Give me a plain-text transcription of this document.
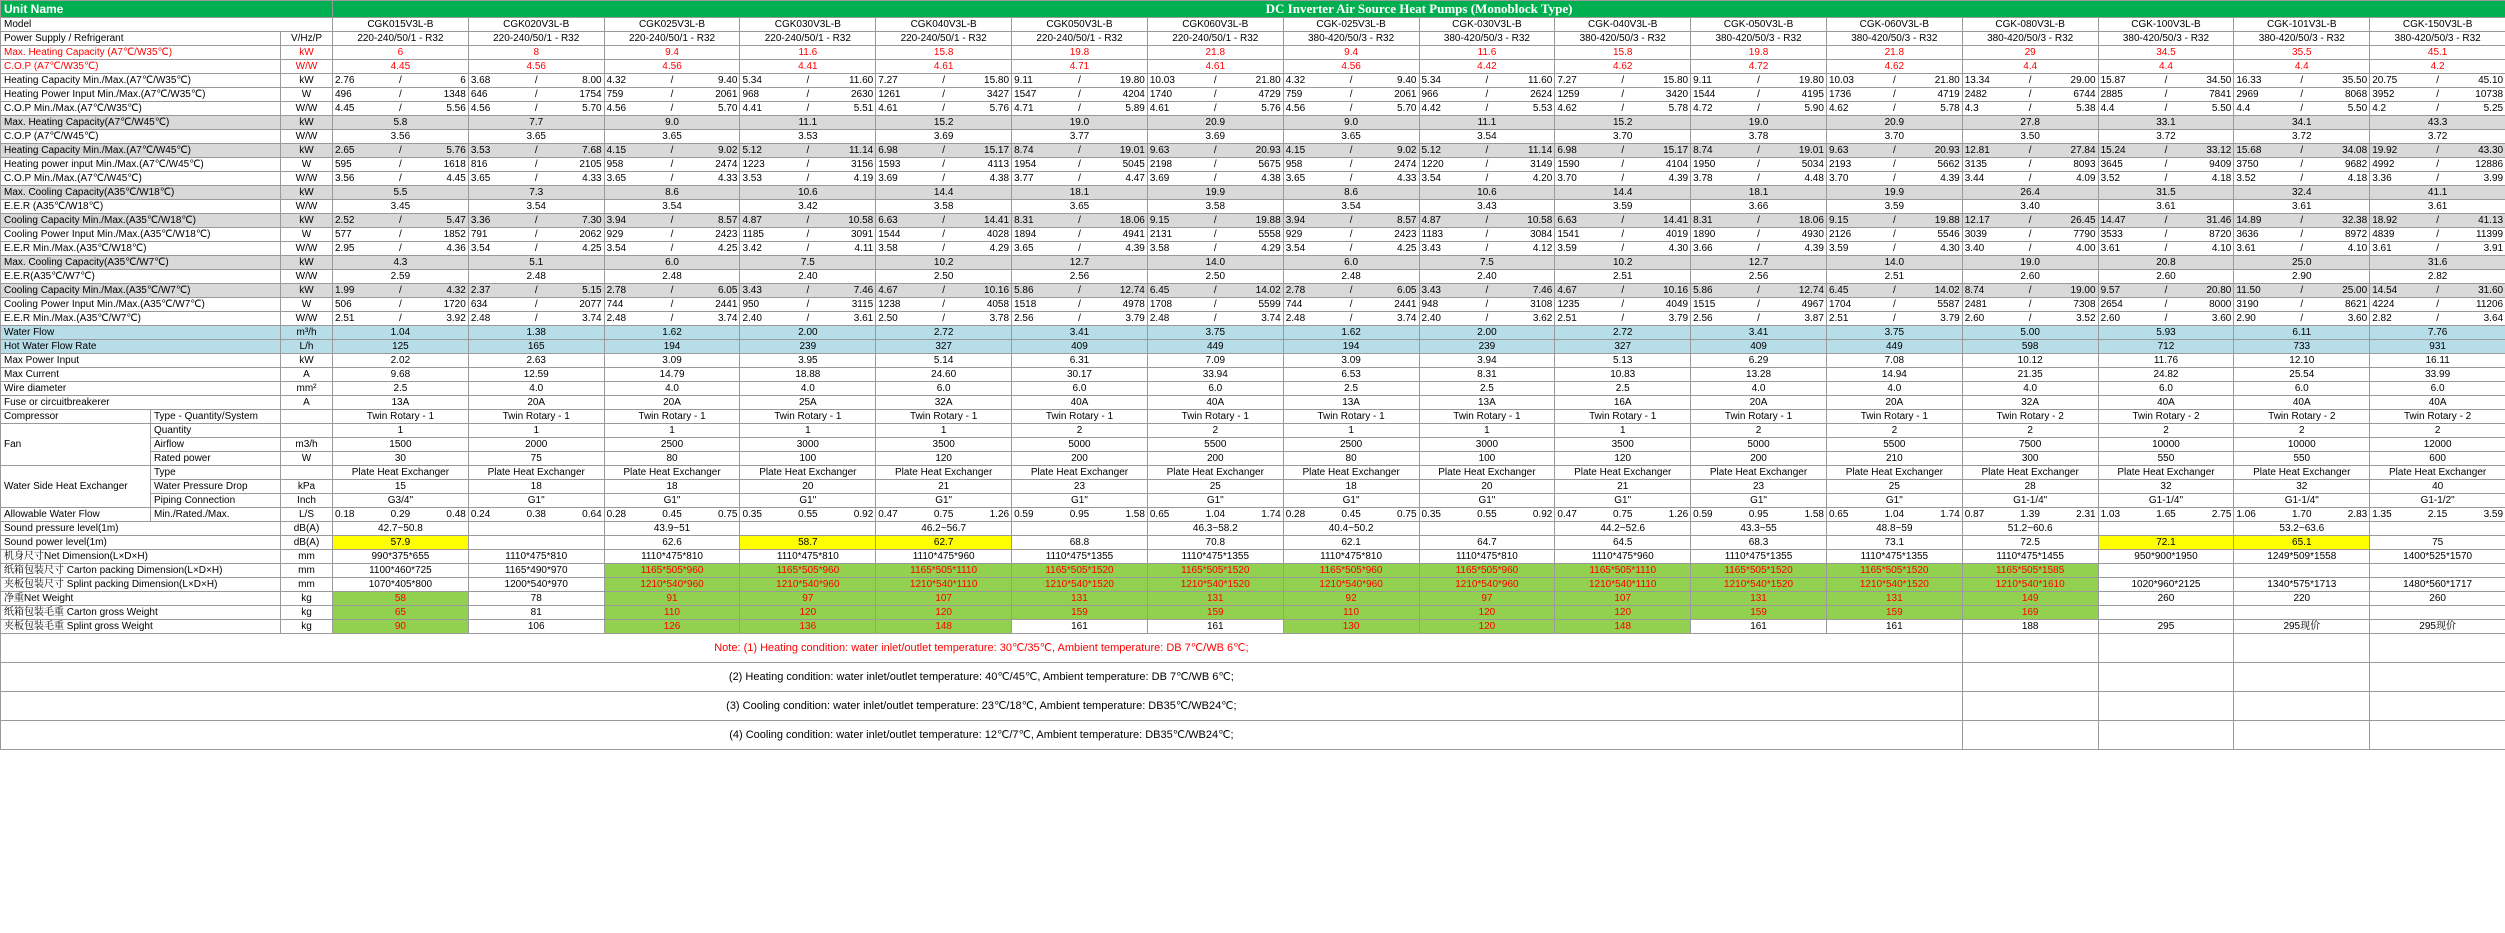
Unit Name			DC Inverter Air Source Heat Pumps (Monoblock Type)															
Model			CGK015V3L-B	CGK020V3L-B	CGK025V3L-B	CGK030V3L-B	CGK040V3L-B	CGK050V3L-B	CGK060V3L-B	CGK-025V3L-B	CGK-030V3L-B	CGK-040V3L-B	CGK-050V3L-B	CGK-060V3L-B	CGK-080V3L-B	CGK-100V3L-B	CGK-101V3L-B	CGK-150V3L-B
Power Supply / Refrigerant		V/Hz/P	220-240/50/1 - R32	220-240/50/1 - R32	220-240/50/1 - R32	220-240/50/1 - R32	220-240/50/1 - R32	220-240/50/1 - R32	220-240/50/1 - R32	380-420/50/3 - R32	380-420/50/3 - R32	380-420/50/3 - R32	380-420/50/3 - R32	380-420/50/3 - R32	380-420/50/3 - R32	380-420/50/3 - R32	380-420/50/3 - R32	380-420/50/3 - R32
Max. Heating Capacity (A7℃/W35℃)		kW	6	8	9.4	11.6	15.8	19.8	21.8	9.4	11.6	15.8	19.8	21.8	29	34.5	35.5	45.1
C.O.P (A7℃/W35℃)		W/W	4.45	4.56	4.56	4.41	4.61	4.71	4.61	4.56	4.42	4.62	4.72	4.62	4.4	4.4	4.4	4.2
Heating Capacity Min./Max.(A7℃/W35℃)		kW	2.76 / 6	3.68 / 8.00	4.32 / 9.40	5.34 / 11.60	7.27 / 15.80	9.11 / 19.80	10.03 / 21.80	4.32 / 9.40	5.34 / 11.60	7.27 / 15.80	9.11 / 19.80	10.03 / 21.80	13.34 / 29.00	15.87 / 34.50	16.33 / 35.50	20.75 / 45.10

Heating Power Input Min./Max.(A7℃/W35℃)		W	496 / 1348	646 / 1754	759 / 2061	968 / 2630	1261 / 3427	1547 / 4204	1740 / 4729	759 / 2061	966 / 2624	1259 / 3420	1544 / 4195	1736 / 4719	2482 / 6744	2885 / 7841	2969 / 8068	3952 / 10738

C.O.P Min./Max.(A7℃/W35℃)		W/W	4.45 / 5.56	4.56 / 5.70	4.56 / 5.70	4.41 / 5.51	4.61 / 5.76	4.71 / 5.89	4.61 / 5.76	4.56 / 5.70	4.42 / 5.53	4.62 / 5.78	4.72 / 5.90	4.62 / 5.78	4.3 / 5.38	4.4 / 5.50	4.4 / 5.50	4.2 / 5.25

Max. Heating Capacity(A7℃/W45℃)		kW	5.8	7.7	9.0	11.1	15.2	19.0	20.9	9.0	11.1	15.2	19.0	20.9	27.8	33.1	34.1	43.3
C.O.P (A7℃/W45℃)		W/W	3.56	3.65	3.65	3.53	3.69	3.77	3.69	3.65	3.54	3.70	3.78	3.70	3.50	3.72	3.72	3.72
Heating Capacity Min./Max.(A7℃/W45℃)		kW	2.65 / 5.76	3.53 / 7.68	4.15 / 9.02	5.12 / 11.14	6.98 / 15.17	8.74 / 19.01	9.63 / 20.93	4.15 / 9.02	5.12 / 11.14	6.98 / 15.17	8.74 / 19.01	9.63 / 20.93	12.81 / 27.84	15.24 / 33.12	15.68 / 34.08	19.92 / 43.30

Heating power input Min./Max.(A7℃/W45℃)		W	595 / 1618	816 / 2105	958 / 2474	1223 / 3156	1593 / 4113	1954 / 5045	2198 / 5675	958 / 2474	1220 / 3149	1590 / 4104	1950 / 5034	2193 / 5662	3135 / 8093	3645 / 9409	3750 / 9682	4992 / 12886

C.O.P Min./Max.(A7℃/W45℃)		W/W	3.56 / 4.45	3.65 / 4.33	3.65 / 4.33	3.53 / 4.19	3.69 / 4.38	3.77 / 4.47	3.69 / 4.38	3.65 / 4.33	3.54 / 4.20	3.70 / 4.39	3.78 / 4.48	3.70 / 4.39	3.44 / 4.09	3.52 / 4.18	3.52 / 4.18	3.36 / 3.99

Max. Cooling Capacity(A35℃/W18℃)		kW	5.5	7.3	8.6	10.6	14.4	18.1	19.9	8.6	10.6	14.4	18.1	19.9	26.4	31.5	32.4	41.1
E.E.R (A35℃/W18℃)		W/W	3.45	3.54	3.54	3.42	3.58	3.65	3.58	3.54	3.43	3.59	3.66	3.59	3.40	3.61	3.61	3.61
Cooling Capacity Min./Max.(A35℃/W18℃)		kW	2.52 / 5.47	3.36 / 7.30	3.94 / 8.57	4.87 / 10.58	6.63 / 14.41	8.31 / 18.06	9.15 / 19.88	3.94 / 8.57	4.87 / 10.58	6.63 / 14.41	8.31 / 18.06	9.15 / 19.88	12.17 / 26.45	14.47 / 31.46	14.89 / 32.38	18.92 / 41.13

Cooling Power Input Min./Max.(A35℃/W18℃)		W	577 / 1852	791 / 2062	929 / 2423	1185 / 3091	1544 / 4028	1894 / 4941	2131 / 5558	929 / 2423	1183 / 3084	1541 / 4019	1890 / 4930	2126 / 5546	3039 / 7790	3533 / 8720	3636 / 8972	4839 / 11399

E.E.R Min./Max.(A35℃/W18℃)		W/W	2.95 / 4.36	3.54 / 4.25	3.54 / 4.25	3.42 / 4.11	3.58 / 4.29	3.65 / 4.39	3.58 / 4.29	3.54 / 4.25	3.43 / 4.12	3.59 / 4.30	3.66 / 4.39	3.59 / 4.30	3.40 / 4.00	3.61 / 4.10	3.61 / 4.10	3.61 / 3.91

Max. Cooling Capacity(A35℃/W7℃)		kW	4.3	5.1	6.0	7.5	10.2	12.7	14.0	6.0	7.5	10.2	12.7	14.0	19.0	20.8	25.0	31.6
E.E.R(A35℃/W7℃)		W/W	2.59	2.48	2.48	2.40	2.50	2.56	2.50	2.48	2.40	2.51	2.56	2.51	2.60	2.60	2.90	2.82
Cooling Capacity Min./Max.(A35℃/W7℃)		kW	1.99 / 4.32	2.37 / 5.15	2.78 / 6.05	3.43 / 7.46	4.67 / 10.16	5.86 / 12.74	6.45 / 14.02	2.78 / 6.05	3.43 / 7.46	4.67 / 10.16	5.86 / 12.74	6.45 / 14.02	8.74 / 19.00	9.57 / 20.80	11.50 / 25.00	14.54 / 31.60

Cooling Power Input Min./Max.(A35℃/W7℃)		W	506 / 1720	634 / 2077	744 / 2441	950 / 3115	1238 / 4058	1518 / 4978	1708 / 5599	744 / 2441	948 / 3108	1235 / 4049	1515 / 4967	1704 / 5587	2481 / 7308	2654 / 8000	3190 / 8621	4224 / 11206

E.E.R Min./Max.(A35℃/W7℃)		W/W	2.51 / 3.92	2.48 / 3.74	2.48 / 3.74	2.40 / 3.61	2.50 / 3.78	2.56 / 3.79	2.48 / 3.74	2.48 / 3.74	2.40 / 3.62	2.51 / 3.79	2.56 / 3.87	2.51 / 3.79	2.60 / 3.52	2.60 / 3.60	2.90 / 3.60	2.82 / 3.64

Water Flow		m³/h	1.04	1.38	1.62	2.00	2.72	3.41	3.75	1.62	2.00	2.72	3.41	3.75	5.00	5.93	6.11	7.76
Hot Water Flow Rate		L/h	125	165	194	239	327	409	449	194	239	327	409	449	598	712	733	931
Max Power Input		kW	2.02	2.63	3.09	3.95	5.14	6.31	7.09	3.09	3.94	5.13	6.29	7.08	10.12	11.76	12.10	16.11
Max Current		A	9.68	12.59	14.79	18.88	24.60	30.17	33.94	6.53	8.31	10.83	13.28	14.94	21.35	24.82	25.54	33.99
Wire diameter		mm²	2.5	4.0	4.0	4.0	6.0	6.0	6.0	2.5	2.5	2.5	4.0	4.0	4.0	6.0	6.0	6.0
Fuse or circuitbreakerer		A	13A	20A	20A	25A	32A	40A	40A	13A	13A	16A	20A	20A	32A	40A	40A	40A
Compressor	Type - Quantity/System		Twin Rotary - 1	Twin Rotary - 1	Twin Rotary - 1	Twin Rotary - 1	Twin Rotary - 1	Twin Rotary - 1	Twin Rotary - 1	Twin Rotary - 1	Twin Rotary - 1	Twin Rotary - 1	Twin Rotary - 1	Twin Rotary - 1	Twin Rotary - 2	Twin Rotary - 2	Twin Rotary - 2	Twin Rotary - 2
Fan	Quantity		1	1	1	1	1	2	2	1	1	1	2	2	2	2	2	2
	Airflow	m3/h	1500	2000	2500	3000	3500	5000	5500	2500	3000	3500	5000	5500	7500	10000	10000	12000
	Rated power	W	30	75	80	100	120	200	200	80	100	120	200	210	300	550	550	600
Water Side Heat Exchanger	Type		Plate Heat Exchanger	Plate Heat Exchanger	Plate Heat Exchanger	Plate Heat Exchanger	Plate Heat Exchanger	Plate Heat Exchanger	Plate Heat Exchanger	Plate Heat Exchanger	Plate Heat Exchanger	Plate Heat Exchanger	Plate Heat Exchanger	Plate Heat Exchanger	Plate Heat Exchanger	Plate Heat Exchanger	Plate Heat Exchanger	Plate Heat Exchanger
	Water Pressure Drop	kPa	15	18	18	20	21	23	25	18	20	21	23	25	28	32	32	40
	Piping Connection	Inch	G3/4"	G1"	G1"	G1"	G1"	G1"	G1"	G1"	G1"	G1"	G1"	G1"	G1-1/4"	G1-1/4"	G1-1/4"	G1-1/2"
Allowable Water Flow	Min./Rated./Max.	L/S	0.18 0.29 0.48	0.24 0.38 0.64	0.28 0.45 0.75	0.35 0.55 0.92	0.47 0.75 1.26	0.59 0.95 1.58	0.65 1.04 1.74	0.28 0.45 0.75	0.35 0.55 0.92	0.47 0.75 1.26	0.59 0.95 1.58	0.65 1.04 1.74	0.87 1.39 2.31	1.03 1.65 2.75	1.06 1.70 2.83	1.35 2.15 3.59

Sound pressure level(1m)		dB(A)	42.7~50.8		43.9~51		46.2~56.7		46.3~58.2	40.4~50.2		44.2~52.6	43.3~55	48.8~59	51.2~60.6		53.2~63.6	
Sound power level(1m)		dB(A)	57.9		62.6	58.7	62.7	68.8	70.8	62.1	64.7	64.5	68.3	73.1	72.5	72.1	65.1	75
机身尺寸Net Dimension(L×D×H)		mm	990*375*655	1110*475*810	1110*475*810	1110*475*810	1110*475*960	1110*475*1355	1110*475*1355	1110*475*810	1110*475*810	1110*475*960	1110*475*1355	1110*475*1355	1110*475*1455	950*900*1950	1249*509*1558	1400*525*1570
纸箱包装尺寸 Carton packing Dimension(L×D×H)		mm	1100*460*725	1165*490*970	1165*505*960	1165*505*960	1165*505*1110	1165*505*1520	1165*505*1520	1165*505*960	1165*505*960	1165*505*1110	1165*505*1520	1165*505*1520	1165*505*1585			
夹板包装尺寸 Splint packing Dimension(L×D×H)		mm	1070*405*800	1200*540*970	1210*540*960	1210*540*960	1210*540*1110	1210*540*1520	1210*540*1520	1210*540*960	1210*540*960	1210*540*1110	1210*540*1520	1210*540*1520	1210*540*1610	1020*960*2125	1340*575*1713	1480*560*1717
净重Net Weight		kg	58	78	91	97	107	131	131	92	97	107	131	131	149	260	220	260
纸箱包装毛重 Carton gross Weight		kg	65	81	110	120	120	159	159	110	120	120	159	159	169			
夹板包装毛重 Splint gross Weight		kg	90	106	126	136	148	161	161	130	120	148	161	161	188	295	295现价	295现价
Note: (1) Heating condition: water inlet/outlet temperature: 30℃/35℃, Ambient temperature: DB 7℃/WB 6℃;																		
(2) Heating condition: water inlet/outlet temperature: 40℃/45℃, Ambient temperature: DB 7℃/WB 6℃;																		
(3) Cooling condition: water inlet/outlet temperature: 23℃/18℃, Ambient temperature: DB35℃/WB24℃;																		
(4) Cooling condition: water inlet/outlet temperature: 12℃/7℃, Ambient temperature: DB35℃/WB24℃;																		
